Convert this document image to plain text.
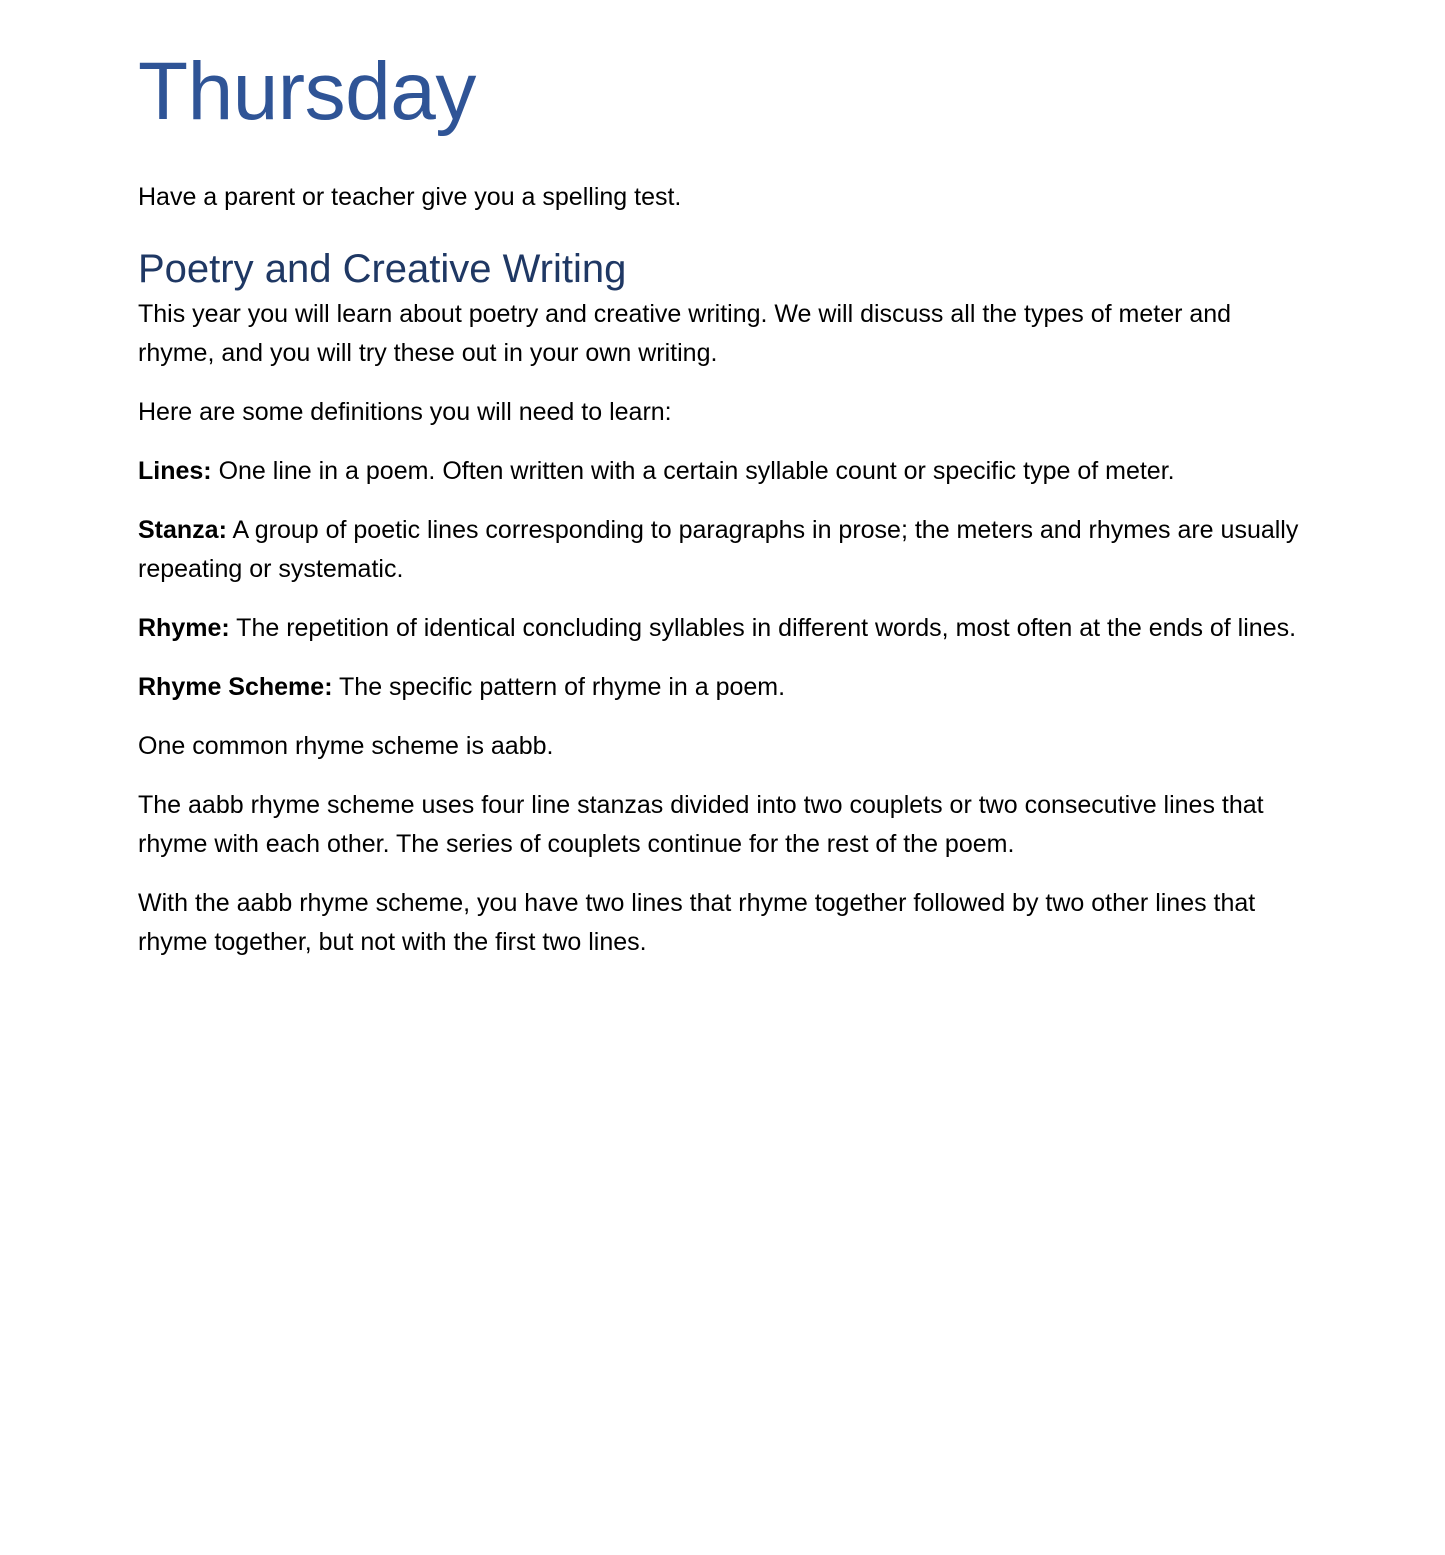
Thursday

Have a parent or teacher give you a spelling test.

Poetry and Creative Writing

This year you will learn about poetry and creative writing. We will discuss all the types of meter and rhyme, and you will try these out in your own writing.

Here are some definitions you will need to learn:

Lines: One line in a poem. Often written with a certain syllable count or specific type of meter.

Stanza: A group of poetic lines corresponding to paragraphs in prose; the meters and rhymes are usually repeating or systematic.

Rhyme: The repetition of identical concluding syllables in different words, most often at the ends of lines.

Rhyme Scheme: The specific pattern of rhyme in a poem.

One common rhyme scheme is aabb.

The aabb rhyme scheme uses four line stanzas divided into two couplets or two consecutive lines that rhyme with each other. The series of couplets continue for the rest of the poem.

With the aabb rhyme scheme, you have two lines that rhyme together followed by two other lines that rhyme together, but not with the first two lines.
